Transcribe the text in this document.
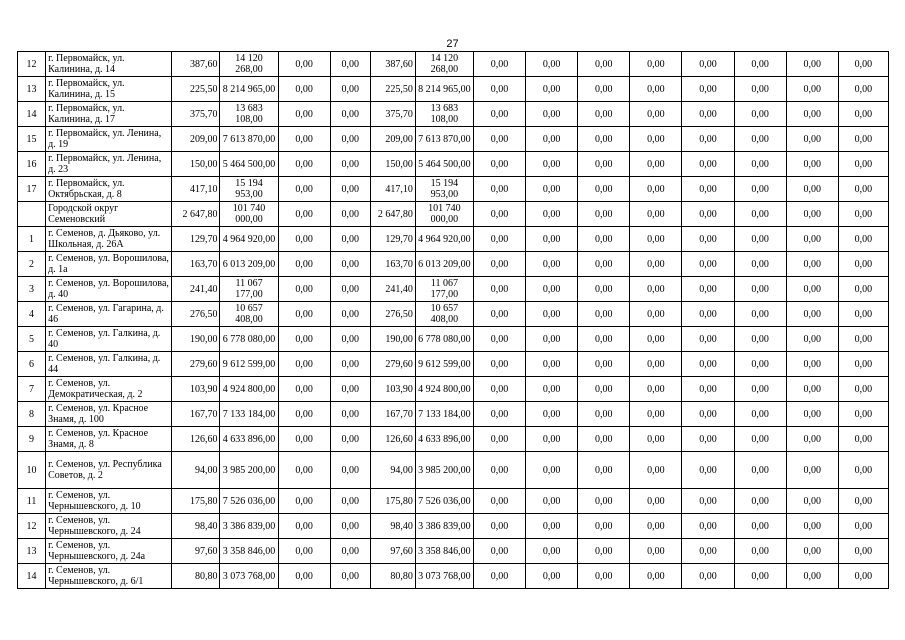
27
12	г. Первомайск, ул. Калинина, д. 14	387,60	14 120 268,00	0,00	0,00	387,60	14 120 268,00	0,00	0,00	0,00	0,00	0,00	0,00	0,00	0,00
13	г. Первомайск, ул. Калинина, д. 15	225,50	8 214 965,00	0,00	0,00	225,50	8 214 965,00	0,00	0,00	0,00	0,00	0,00	0,00	0,00	0,00
14	г. Первомайск, ул. Калинина, д. 17	375,70	13 683 108,00	0,00	0,00	375,70	13 683 108,00	0,00	0,00	0,00	0,00	0,00	0,00	0,00	0,00
15	г. Первомайск, ул. Ленина, д. 19	209,00	7 613 870,00	0,00	0,00	209,00	7 613 870,00	0,00	0,00	0,00	0,00	0,00	0,00	0,00	0,00
16	г. Первомайск, ул. Ленина, д. 23	150,00	5 464 500,00	0,00	0,00	150,00	5 464 500,00	0,00	0,00	0,00	0,00	0,00	0,00	0,00	0,00
17	г. Первомайск, ул. Октябрьская, д. 8	417,10	15 194 953,00	0,00	0,00	417,10	15 194 953,00	0,00	0,00	0,00	0,00	0,00	0,00	0,00	0,00
	Городской округ Семеновский	2 647,80	101 740 000,00	0,00	0,00	2 647,80	101 740 000,00	0,00	0,00	0,00	0,00	0,00	0,00	0,00	0,00
1	г. Семенов, д. Дьяково, ул. Школьная, д. 26А	129,70	4 964 920,00	0,00	0,00	129,70	4 964 920,00	0,00	0,00	0,00	0,00	0,00	0,00	0,00	0,00
2	г. Семенов, ул. Ворошилова, д. 1а	163,70	6 013 209,00	0,00	0,00	163,70	6 013 209,00	0,00	0,00	0,00	0,00	0,00	0,00	0,00	0,00
3	г. Семенов, ул. Ворошилова, д. 40	241,40	11 067 177,00	0,00	0,00	241,40	11 067 177,00	0,00	0,00	0,00	0,00	0,00	0,00	0,00	0,00
4	г. Семенов, ул. Гагарина, д. 46	276,50	10 657 408,00	0,00	0,00	276,50	10 657 408,00	0,00	0,00	0,00	0,00	0,00	0,00	0,00	0,00
5	г. Семенов, ул. Галкина, д. 40	190,00	6 778 080,00	0,00	0,00	190,00	6 778 080,00	0,00	0,00	0,00	0,00	0,00	0,00	0,00	0,00
6	г. Семенов, ул. Галкина, д. 44	279,60	9 612 599,00	0,00	0,00	279,60	9 612 599,00	0,00	0,00	0,00	0,00	0,00	0,00	0,00	0,00
7	г. Семенов, ул. Демократическая, д. 2	103,90	4 924 800,00	0,00	0,00	103,90	4 924 800,00	0,00	0,00	0,00	0,00	0,00	0,00	0,00	0,00
8	г. Семенов, ул. Красное Знамя, д. 100	167,70	7 133 184,00	0,00	0,00	167,70	7 133 184,00	0,00	0,00	0,00	0,00	0,00	0,00	0,00	0,00
9	г. Семенов, ул. Красное Знамя, д. 8	126,60	4 633 896,00	0,00	0,00	126,60	4 633 896,00	0,00	0,00	0,00	0,00	0,00	0,00	0,00	0,00
10	г. Семенов, ул. Республика Советов, д. 2	94,00	3 985 200,00	0,00	0,00	94,00	3 985 200,00	0,00	0,00	0,00	0,00	0,00	0,00	0,00	0,00
11	г. Семенов, ул. Чернышевского, д. 10	175,80	7 526 036,00	0,00	0,00	175,80	7 526 036,00	0,00	0,00	0,00	0,00	0,00	0,00	0,00	0,00
12	г. Семенов, ул. Чернышевского, д. 24	98,40	3 386 839,00	0,00	0,00	98,40	3 386 839,00	0,00	0,00	0,00	0,00	0,00	0,00	0,00	0,00
13	г. Семенов, ул. Чернышевского, д. 24а	97,60	3 358 846,00	0,00	0,00	97,60	3 358 846,00	0,00	0,00	0,00	0,00	0,00	0,00	0,00	0,00
14	г. Семенов, ул. Чернышевского, д. 6/1	80,80	3 073 768,00	0,00	0,00	80,80	3 073 768,00	0,00	0,00	0,00	0,00	0,00	0,00	0,00	0,00
